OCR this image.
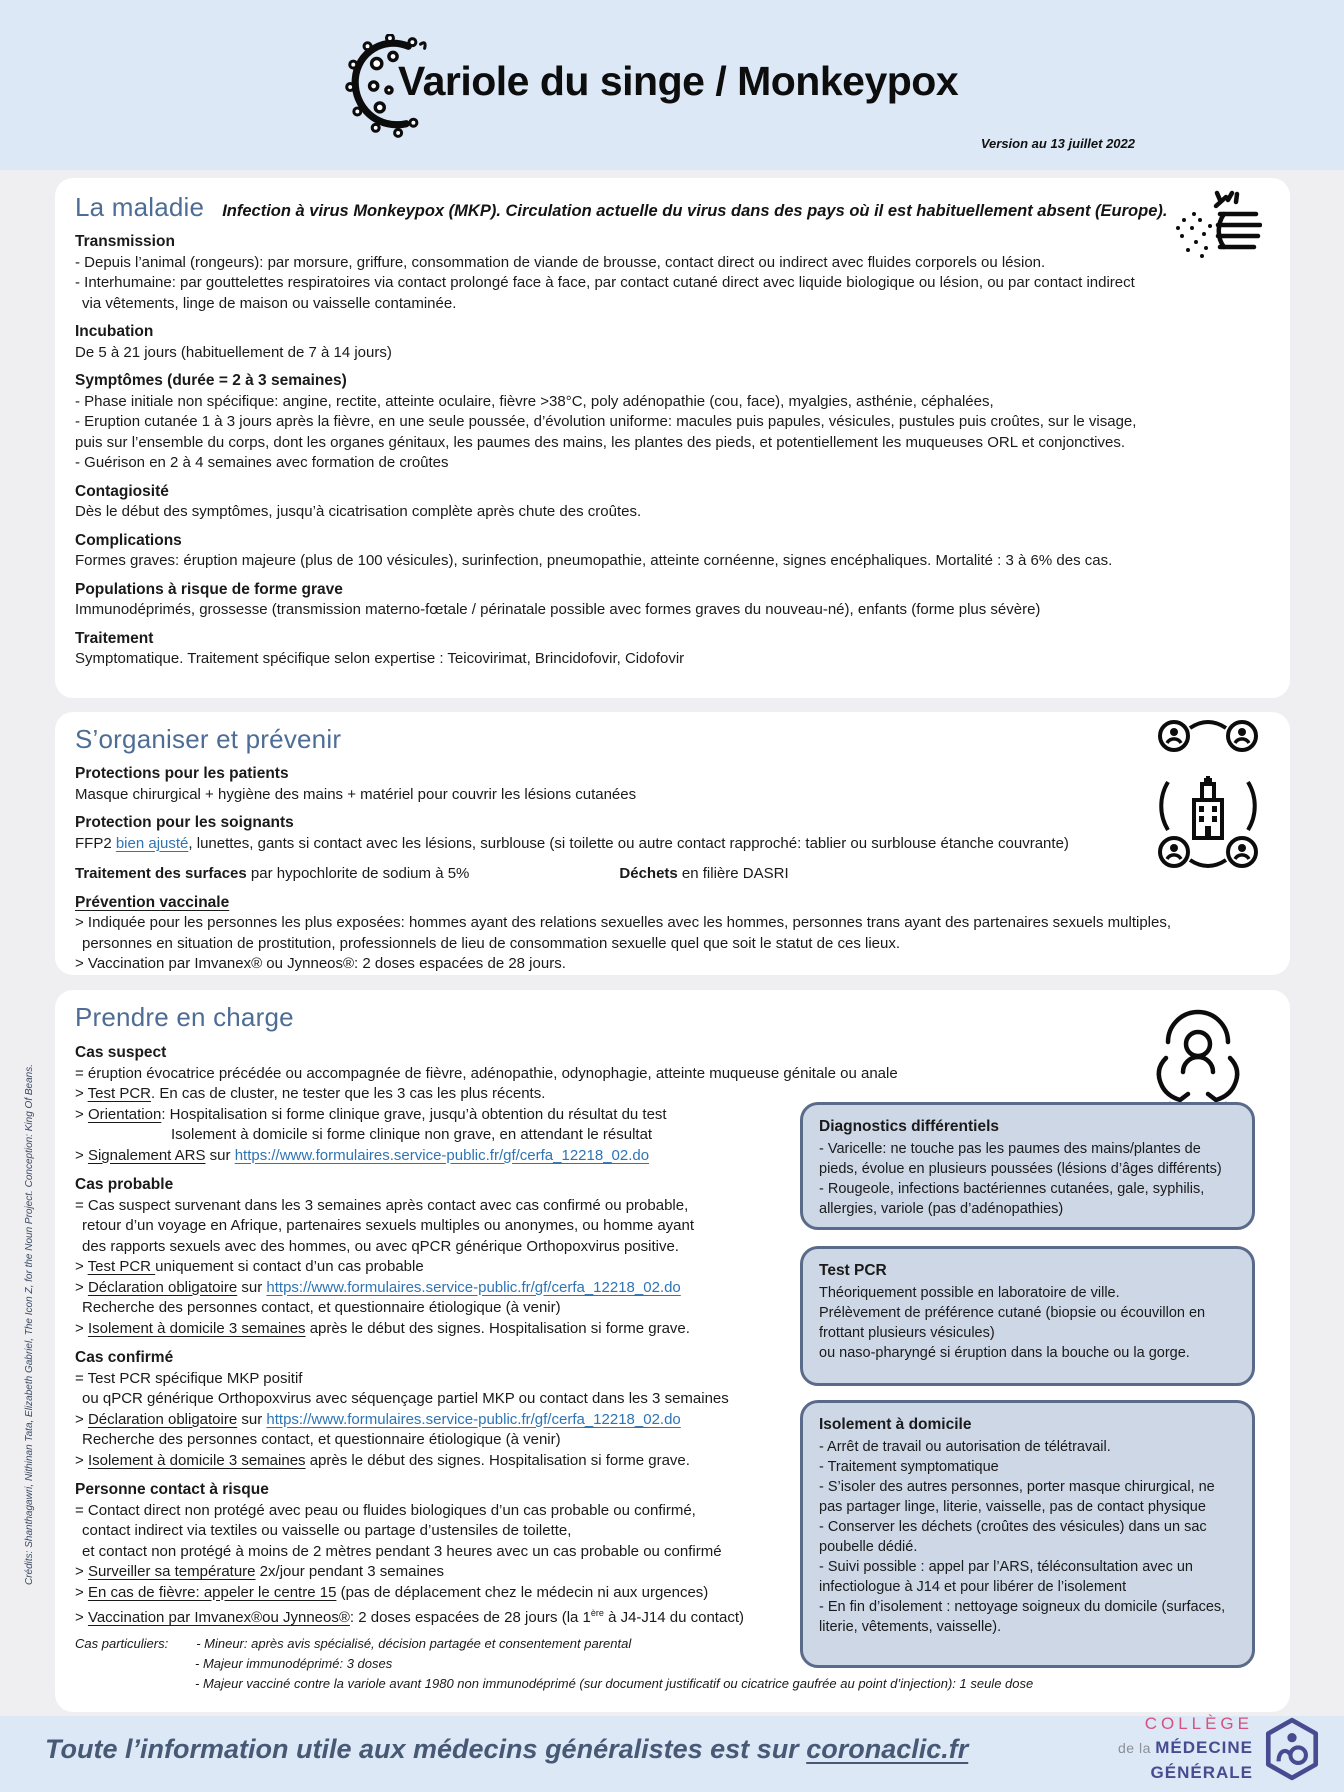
Variole du singe / Monkeypox
Version au 13 juillet 2022
Crédits: Shanthagawri, Nithinan Tata, Elizabeth Gabriel, The Icon Z, for the Noun Project. Conception: King Of Beans.
La maladie Infection à virus Monkeypox (MKP). Circulation actuelle du virus dans des pays où il est habituellement absent (Europe).
Transmission
- Depuis l’animal (rongeurs): par morsure, griffure, consommation de viande de brousse, contact direct ou indirect avec fluides corporels ou lésion.
- Interhumaine: par gouttelettes respiratoires via contact prolongé face à face, par contact cutané direct avec liquide biologique ou lésion, ou par contact indirect
via vêtements, linge de maison ou vaisselle contaminée.
Incubation
De 5 à 21 jours (habituellement de 7 à 14 jours)
Symptômes (durée = 2 à 3 semaines)
- Phase initiale non spécifique: angine, rectite, atteinte oculaire, fièvre >38°C, poly adénopathie (cou, face), myalgies, asthénie, céphalées,
- Eruption cutanée 1 à 3 jours après la fièvre, en une seule poussée, d’évolution uniforme: macules puis papules, vésicules, pustules puis croûtes, sur le visage,
puis sur l’ensemble du corps, dont les organes génitaux, les paumes des mains, les plantes des pieds, et potentiellement les muqueuses ORL et conjonctives.
- Guérison en 2 à 4 semaines avec formation de croûtes
Contagiosité
Dès le début des symptômes, jusqu’à cicatrisation complète après chute des croûtes.
Complications
Formes graves: éruption majeure (plus de 100 vésicules), surinfection, pneumopathie, atteinte cornéenne, signes encéphaliques. Mortalité : 3 à 6% des cas.
Populations à risque de forme grave
Immunodéprimés, grossesse (transmission materno-fœtale / périnatale possible avec formes graves du nouveau-né), enfants (forme plus sévère)
Traitement
Symptomatique. Traitement spécifique selon expertise : Teicovirimat, Brincidofovir, Cidofovir
S’organiser et prévenir
Protections pour les patients
Masque chirurgical + hygiène des mains + matériel pour couvrir les lésions cutanées
Protection pour les soignants
FFP2 bien ajusté, lunettes, gants si contact avec les lésions, surblouse (si toilette ou autre contact rapproché: tablier ou surblouse étanche couvrante)
Traitement des surfaces par hypochlorite de sodium à 5%	Déchets en filière DASRI
Prévention vaccinale
> Indiquée pour les personnes les plus exposées: hommes ayant des relations sexuelles avec les hommes, personnes trans ayant des partenaires sexuels multiples,
personnes en situation de prostitution, professionnels de lieu de consommation sexuelle quel que soit le statut de ces lieux.
> Vaccination par Imvanex® ou Jynneos®: 2 doses espacées de 28 jours.
Prendre en charge
Cas suspect
= éruption évocatrice précédée ou accompagnée de fièvre, adénopathie, odynophagie, atteinte muqueuse génitale ou anale
> Test PCR. En cas de cluster, ne tester que les 3 cas les plus récents.
> Orientation: Hospitalisation si forme clinique grave, jusqu’à obtention du résultat du test
Isolement à domicile si forme clinique non grave, en attendant le résultat
> Signalement ARS sur https://www.formulaires.service-public.fr/gf/cerfa_12218_02.do
Cas probable
= Cas suspect survenant dans les 3 semaines après contact avec cas confirmé ou probable,
retour d’un voyage en Afrique, partenaires sexuels multiples ou anonymes, ou homme ayant
des rapports sexuels avec des hommes, ou avec qPCR générique Orthopoxvirus positive.
> Test PCR uniquement si contact d’un cas probable
> Déclaration obligatoire sur https://www.formulaires.service-public.fr/gf/cerfa_12218_02.do
Recherche des personnes contact, et questionnaire étiologique (à venir)
> Isolement à domicile 3 semaines après le début des signes. Hospitalisation si forme grave.
Cas confirmé
= Test PCR spécifique MKP positif
ou qPCR générique Orthopoxvirus avec séquençage partiel MKP ou contact dans les 3 semaines
> Déclaration obligatoire sur https://www.formulaires.service-public.fr/gf/cerfa_12218_02.do
Recherche des personnes contact, et questionnaire étiologique (à venir)
> Isolement à domicile 3 semaines après le début des signes. Hospitalisation si forme grave.
Personne contact à risque
= Contact direct non protégé avec peau ou fluides biologiques d’un cas probable ou confirmé,
contact indirect via textiles ou vaisselle ou partage d’ustensiles de toilette,
et contact non protégé à moins de 2 mètres pendant 3 heures avec un cas probable ou confirmé
> Surveiller sa température 2x/jour pendant 3 semaines
> En cas de fièvre: appeler le centre 15 (pas de déplacement chez le médecin ni aux urgences)
> Vaccination par Imvanex®ou Jynneos®: 2 doses espacées de 28 jours (la 1ère à J4-J14 du contact)
Cas particuliers: - Mineur: après avis spécialisé, décision partagée et consentement parental
- Majeur immunodéprimé: 3 doses
- Majeur vacciné contre la variole avant 1980 non immunodéprimé (sur document justificatif ou cicatrice gaufrée au point d’injection): 1 seule dose
Diagnostics différentiels
- Varicelle: ne touche pas les paumes des mains/plantes de pieds, évolue en plusieurs poussées (lésions d’âges différents)
- Rougeole, infections bactériennes cutanées, gale, syphilis, allergies, variole (pas d’adénopathies)
Test PCR
Théoriquement possible en laboratoire de ville.
Prélèvement de préférence cutané (biopsie ou écouvillon en frottant plusieurs vésicules)
ou naso-pharyngé si éruption dans la bouche ou la gorge.
Isolement à domicile
- Arrêt de travail ou autorisation de télétravail.
- Traitement symptomatique
- S’isoler des autres personnes, porter masque chirurgical, ne pas partager linge, literie, vaisselle, pas de contact physique
- Conserver les déchets (croûtes des vésicules) dans un sac poubelle dédié.
- Suivi possible : appel par l’ARS, téléconsultation avec un infectiologue à J14 et pour libérer de l’isolement
- En fin d’isolement : nettoyage soigneux du domicile (surfaces, literie, vêtements, vaisselle).
Toute l’information utile aux médecins généralistes est sur coronaclic.fr
COLLÈGE
de la MÉDECINE
GÉNÉRALE
